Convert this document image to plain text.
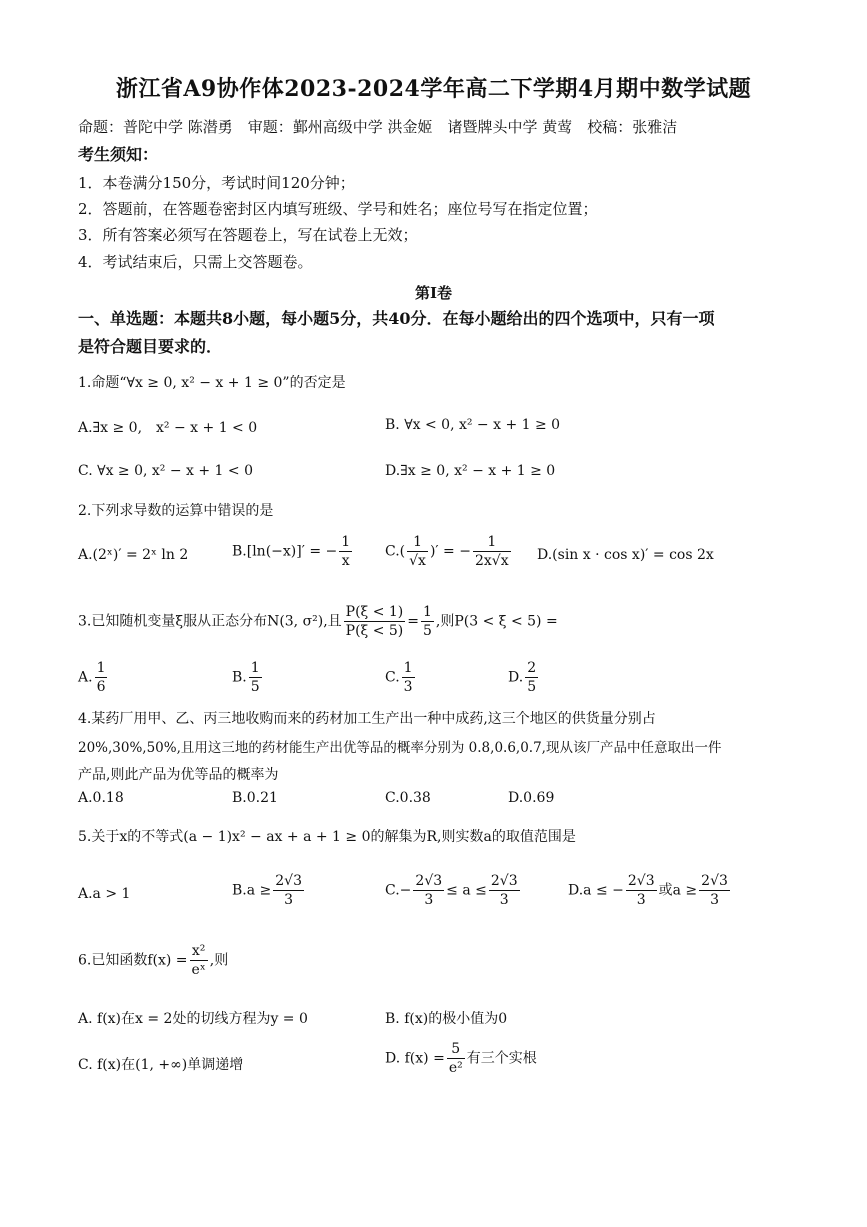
浙江省A9协作体2023-2024学年高二下学期4月期中数学试题
命题：普陀中学 陈潜勇　审题：鄞州高级中学 洪金姬　诸暨牌头中学 黄莺　校稿：张雅洁
考生须知：
1．本卷满分150分，考试时间120分钟；
2．答题前，在答题卷密封区内填写班级、学号和姓名；座位号写在指定位置；
3．所有答案必须写在答题卷上，写在试卷上无效；
4．考试结束后，只需上交答题卷。
第Ⅰ卷
一、单选题：本题共8小题，每小题5分，共40分．在每小题给出的四个选项中，只有一项
是符合题目要求的．
1.命题“∀x ≥ 0, x² − x + 1 ≥ 0”的否定是
A.∃x ≥ 0,　x² − x + 1 < 0	B. ∀x < 0, x² − x + 1 ≥ 0
C. ∀x ≥ 0, x² − x + 1 < 0	D.∃x ≥ 0, x² − x + 1 ≥ 0
2.下列求导数的运算中错误的是
A.(2ˣ)′ = 2ˣ ln 2	B.[ln(−x)]′ = − $\frac{1}{x} C.( \frac{1}{√x}$ )′ = − $\frac{1}{2x√x} D.(\sin$ x · cos x)′ = cos 2x
3.已知随机变量ξ服从正态分布N(3, σ²),且 $\frac{P(\xi < 1)}{P(\xi < 5)} = \frac{1}{5}$ ,则P(3 < ξ < 5) =
A. $\frac{1}{6}$	B. $\frac{1}{5}$	C. $\frac{1}{3}$	D. $\frac{2}{5}$
4.某药厂用甲、乙、丙三地收购而来的药材加工生产出一种中成药,这三个地区的供货量分别占
20%,30%,50%,且用这三地的药材能生产出优等品的概率分别为 0.8,0.6,0.7,现从该厂产品中任意取出一件
产品,则此产品为优等品的概率为
A.0.18	B.0.21	C.0.38	D.0.69
5.关于x的不等式(a − 1)x² − ax + a + 1 ≥ 0的解集为R,则实数a的取值范围是
A.a > 1	$B.a \ge \frac{2√3}{3}$	$C.- \frac{2√3}{3} \le a \le \frac{2√3}{3}$	D.a ≤ − $\frac{2√3}{3}$ 或$a \ge \frac{2√3}{3}$
6.已知函数$f(x) = \frac{\text{x²}}{\text{eˣ}}$ ,则
A. f(x)在x = 2处的切线方程为y = 0	B. f(x)的极小值为0
C. f(x)在(1, +∞)单调递增	D. $f(x) = \frac{5}{\text{e²}}$ 有三个实根
